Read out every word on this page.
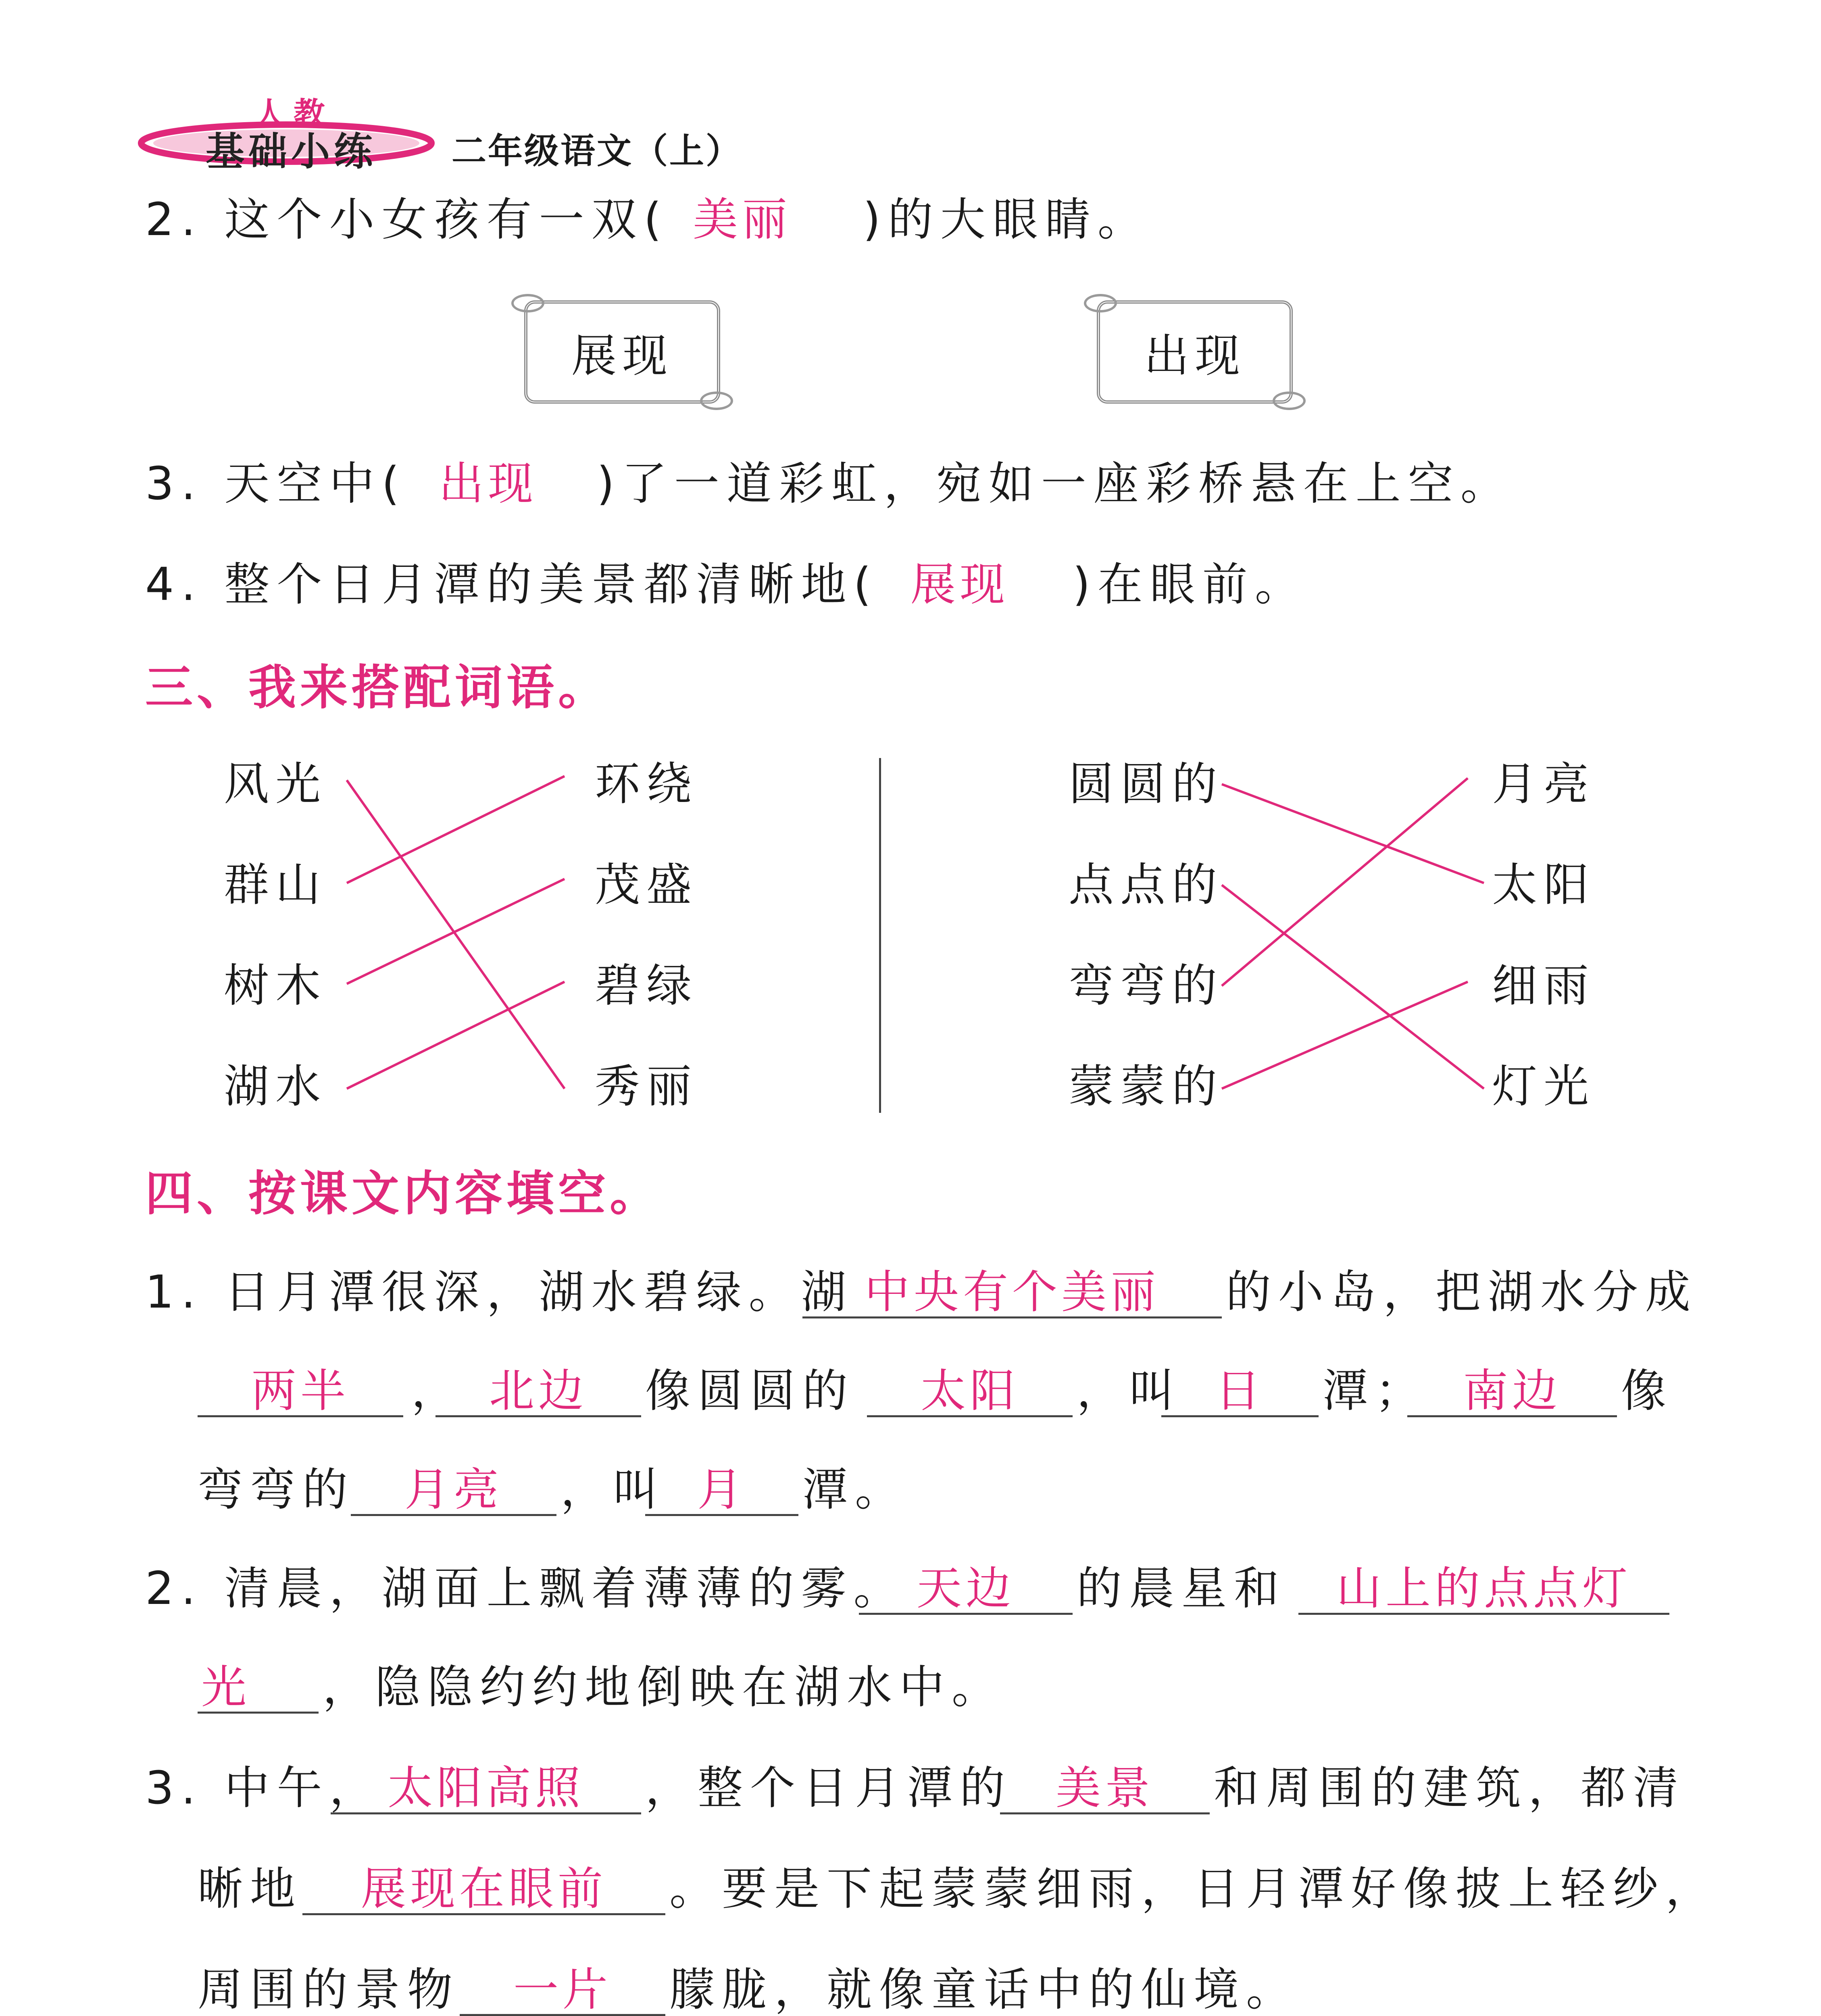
人教
基础小练 二年级语文（上）
2. 这个小女孩有一双( 美丽 )的大眼睛。
展现	出现
3. 天空中( 出现 )了一道彩虹，宛如一座彩桥悬在上空。
4. 整个日月潭的美景都清晰地( 展现 )在眼前。
三、我来搭配词语。
风光
群山
树木
湖水
环绕
茂盛
碧绿
秀丽
圆圆的
点点的
弯弯的
蒙蒙的
月亮
太阳
细雨
灯光
四、按课文内容填空。
1. 日月潭很深，湖水碧绿。湖 中央有个美丽	的小岛，把湖水分成
两半	， 北边	像圆圆的	太阳	，叫 日	潭； 南边	像
弯弯的	月亮	，叫 月	潭。
2. 清晨，湖面上飘着薄薄的雾。 天边	的晨星和	山上的点点灯
光 ，隐隐约约地倒映在湖水中。
3. 中午， 太阳高照	，整个日月潭的 美景	和周围的建筑，都清
晰地	展现在眼前	。要是下起蒙蒙细雨，日月潭好像披上轻纱，
周围的景物	一片	朦胧，就像童话中的仙境。
